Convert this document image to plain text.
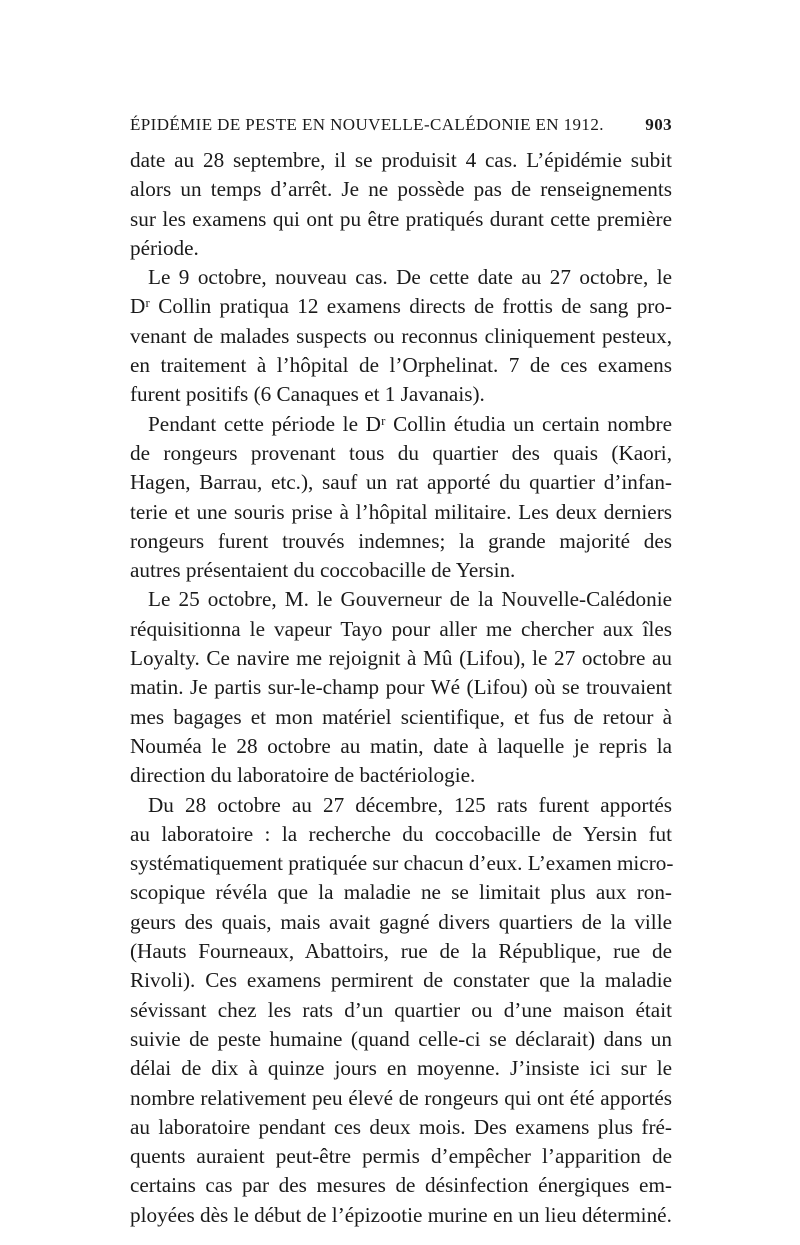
ÉPIDÉMIE DE PESTE EN NOUVELLE-CALÉDONIE EN 1912. 903

date au 28 septembre, il se produisit 4 cas. L’épidémie subit
alors un temps d’arrêt. Je ne possède pas de renseignements
sur les examens qui ont pu être pratiqués durant cette première
période.

Le 9 octobre, nouveau cas. De cette date au 27 octobre, le
Dʳ Collin pratiqua 12 examens directs de frottis de sang pro-
venant de malades suspects ou reconnus cliniquement pesteux,
en traitement à l’hôpital de l’Orphelinat. 7 de ces examens
furent positifs (6 Canaques et 1 Javanais).

Pendant cette période le Dʳ Collin étudia un certain nombre
de rongeurs provenant tous du quartier des quais (Kaori,
Hagen, Barrau, etc.), sauf un rat apporté du quartier d’infan-
terie et une souris prise à l’hôpital militaire. Les deux derniers
rongeurs furent trouvés indemnes; la grande majorité des
autres présentaient du coccobacille de Yersin.

Le 25 octobre, M. le Gouverneur de la Nouvelle-Calédonie
réquisitionna le vapeur Tayo pour aller me chercher aux îles
Loyalty. Ce navire me rejoignit à Mû (Lifou), le 27 octobre au
matin. Je partis sur-le-champ pour Wé (Lifou) où se trouvaient
mes bagages et mon matériel scientifique, et fus de retour à
Nouméa le 28 octobre au matin, date à laquelle je repris la
direction du laboratoire de bactériologie.

Du 28 octobre au 27 décembre, 125 rats furent apportés
au laboratoire : la recherche du coccobacille de Yersin fut
systématiquement pratiquée sur chacun d’eux. L’examen micro-
scopique révéla que la maladie ne se limitait plus aux ron-
geurs des quais, mais avait gagné divers quartiers de la ville
(Hauts Fourneaux, Abattoirs, rue de la République, rue de
Rivoli). Ces examens permirent de constater que la maladie
sévissant chez les rats d’un quartier ou d’une maison était
suivie de peste humaine (quand celle-ci se déclarait) dans un
délai de dix à quinze jours en moyenne. J’insiste ici sur le
nombre relativement peu élevé de rongeurs qui ont été apportés
au laboratoire pendant ces deux mois. Des examens plus fré-
quents auraient peut-être permis d’empêcher l’apparition de
certains cas par des mesures de désinfection énergiques em-
ployées dès le début de l’épizootie murine en un lieu déterminé.
